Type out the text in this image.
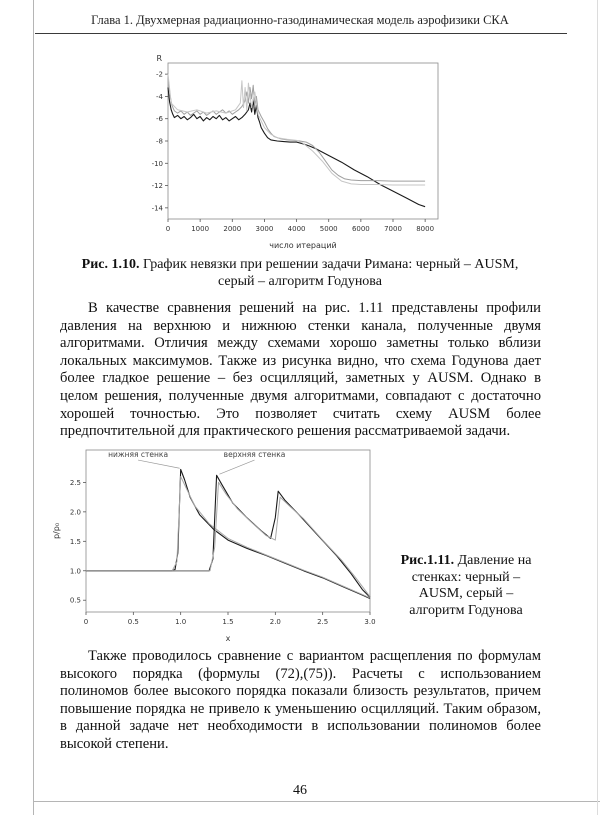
Глава 1. Двухмерная радиационно-газодинамическая модель аэрофизики СКА
0	1000 2000 3000 4000 5000 6000 7000 8000
-2
-4
-6
-8
-10
-12
-14
число итераций
R
Рис. 1.10. График невязки при решении задачи Римана: черный – AUSM, серый – алгоритм Годунова
В качестве сравнения решений на рис. 1.11 представлены профили давления на верхнюю и нижнюю стенки канала, полученные двумя алгоритмами. Отличия между схемами хорошо заметны только вблизи локальных максимумов. Также из рисунка видно, что схема Годунова дает более гладкое решение – без осцилляций, заметных у AUSM. Однако в целом решения, полученные двумя алгоритмами, совпадают с достаточно хорошей точностью. Это позволяет считать схему AUSM более предпочтительной для практического решения рассматриваемой задачи.
0	0.5	1.0	1.5	2.0	2.5	3.0
0.5
1.0
1.5
2.0
2.5
нижняя стенка	верхняя стенка
x
p/p₀
Рис.1.11. Давление на стенках: черный – AUSM, серый – алгоритм Годунова
Также проводилось сравнение с вариантом расщепления по формулам высокого порядка (формулы (72),(75)). Расчеты с использованием полиномов более высокого порядка показали близость результатов, причем повышение порядка не привело к уменьшению осцилляций. Таким образом, в данной задаче нет необходимости в использовании полиномов более высокой степени.
46
